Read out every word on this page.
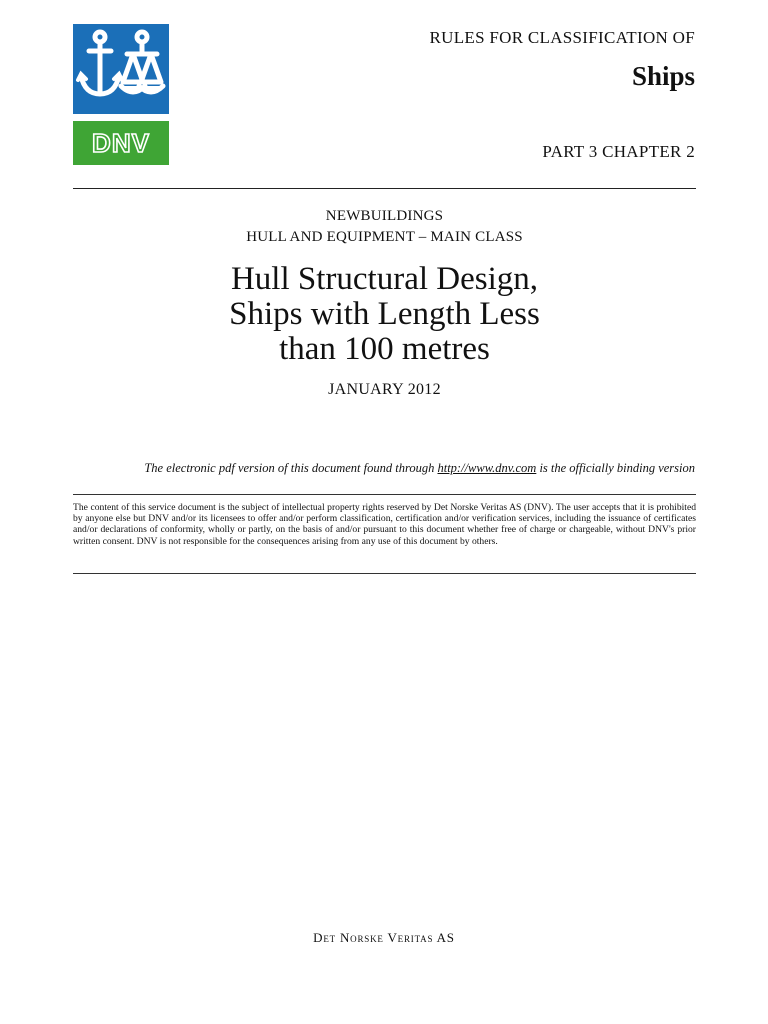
DNV
RULES FOR CLASSIFICATION OF
Ships
PART 3 CHAPTER 2
NEWBUILDINGS
HULL AND EQUIPMENT – MAIN CLASS
Hull Structural Design,
Ships with Length Less
than 100 metres
JANUARY 2012
The electronic pdf version of this document found through http://www.dnv.com is the officially binding version
The content of this service document is the subject of intellectual property rights reserved by Det Norske Veritas AS (DNV). The user accepts that it is prohibited by anyone else but DNV and/or its licensees to offer and/or perform classification, certification and/or verification services, including the issuance of certificates and/or declarations of conformity, wholly or partly, on the basis of and/or pursuant to this document whether free of charge or chargeable, without DNV's prior written consent. DNV is not responsible for the consequences arising from any use of this document by others.
Det Norske Veritas AS
